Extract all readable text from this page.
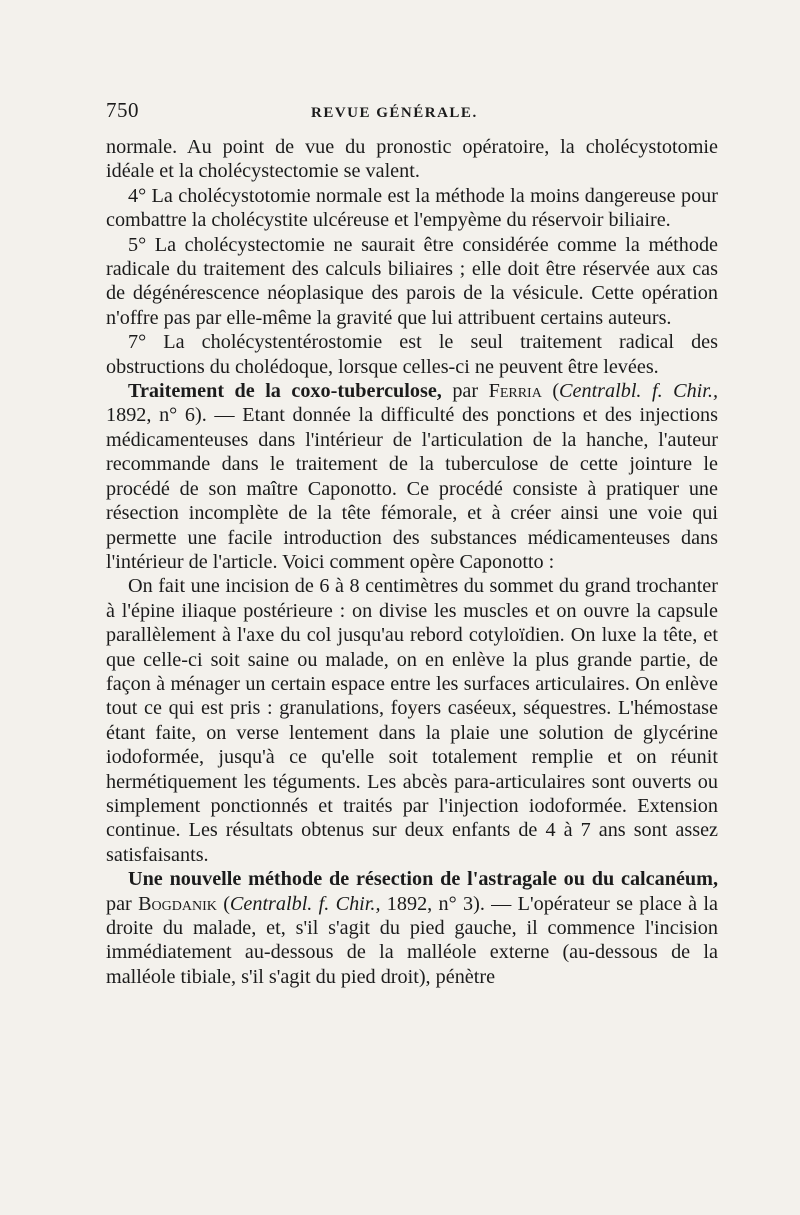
750	REVUE GÉNÉRALE.

normale. Au point de vue du pronostic opératoire, la cholécystotomie idéale et la cholécystectomie se valent.

4° La cholécystotomie normale est la méthode la moins dangereuse pour combattre la cholécystite ulcéreuse et l'empyème du réservoir biliaire.

5° La cholécystectomie ne saurait être considérée comme la méthode radicale du traitement des calculs biliaires ; elle doit être réservée aux cas de dégénérescence néoplasique des parois de la vésicule. Cette opération n'offre pas par elle-même la gravité que lui attribuent certains auteurs.

7° La cholécystentérostomie est le seul traitement radical des obstructions du cholédoque, lorsque celles-ci ne peuvent être levées.

Traitement de la coxo-tuberculose, par Ferria (Centralbl. f. Chir., 1892, n° 6). — Etant donnée la difficulté des ponctions et des injections médicamenteuses dans l'intérieur de l'articulation de la hanche, l'auteur recommande dans le traitement de la tuberculose de cette jointure le procédé de son maître Caponotto. Ce procédé consiste à pratiquer une résection incomplète de la tête fémorale, et à créer ainsi une voie qui permette une facile introduction des substances médicamenteuses dans l'intérieur de l'article. Voici comment opère Caponotto :

On fait une incision de 6 à 8 centimètres du sommet du grand trochanter à l'épine iliaque postérieure : on divise les muscles et on ouvre la capsule parallèlement à l'axe du col jusqu'au rebord cotyloïdien. On luxe la tête, et que celle-ci soit saine ou malade, on en enlève la plus grande partie, de façon à ménager un certain espace entre les surfaces articulaires. On enlève tout ce qui est pris : granulations, foyers caséeux, séquestres. L'hémostase étant faite, on verse lentement dans la plaie une solution de glycérine iodoformée, jusqu'à ce qu'elle soit totalement remplie et on réunit hermétiquement les téguments. Les abcès para-articulaires sont ouverts ou simplement ponctionnés et traités par l'injection iodoformée. Extension continue. Les résultats obtenus sur deux enfants de 4 à 7 ans sont assez satisfaisants.

Une nouvelle méthode de résection de l'astragale ou du calcanéum, par Bogdanik (Centralbl. f. Chir., 1892, n° 3). — L'opérateur se place à la droite du malade, et, s'il s'agit du pied gauche, il commence l'incision immédiatement au-dessous de la malléole externe (au-dessous de la malléole tibiale, s'il s'agit du pied droit), pénètre
